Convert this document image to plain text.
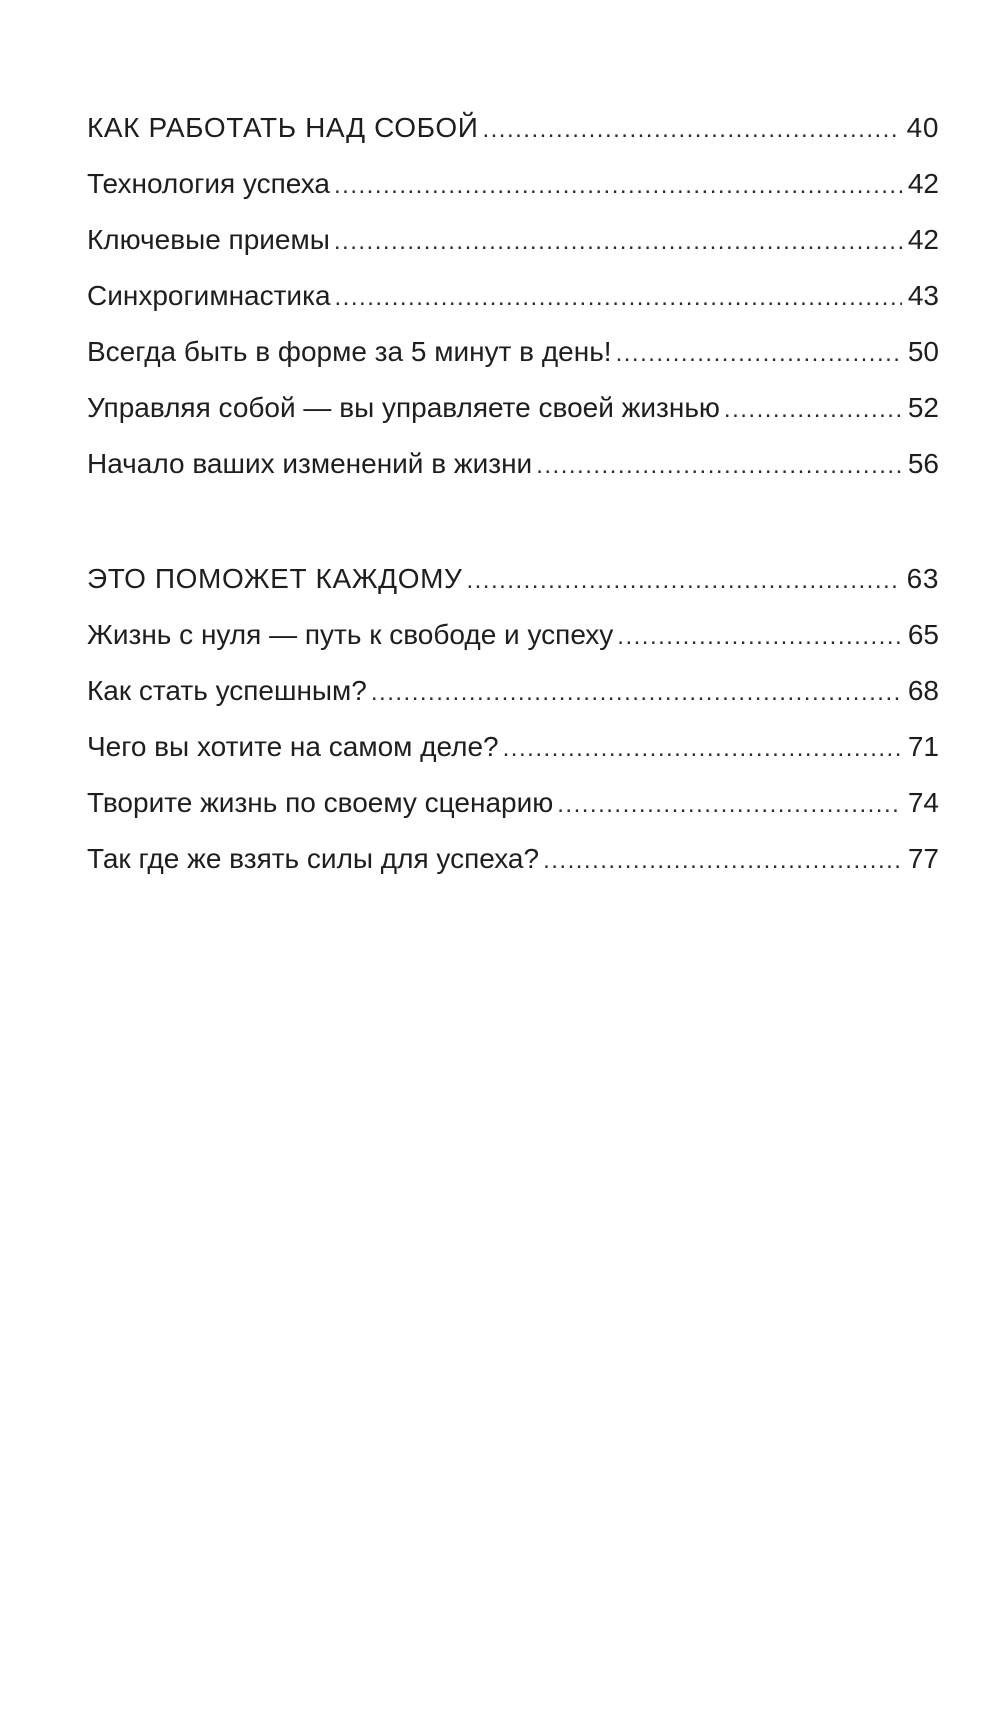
КАК РАБОТАТЬ НАД СОБОЙ .....	40
Технология успеха .....	42
Ключевые приемы .....	42
Синхрогимнастика .....	43
Всегда быть в форме за 5 минут в день! .....	50
Управляя собой — вы управляете своей жизнью .....	52
Начало ваших изменений в жизни .....	56
ЭТО ПОМОЖЕТ КАЖДОМУ .....	63
Жизнь с нуля — путь к свободе и успеху .....	65
Как стать успешным? .....	68
Чего вы хотите на самом деле? .....	71
Творите жизнь по своему сценарию .....	74
Так где же взять силы для успеха? .....	77
